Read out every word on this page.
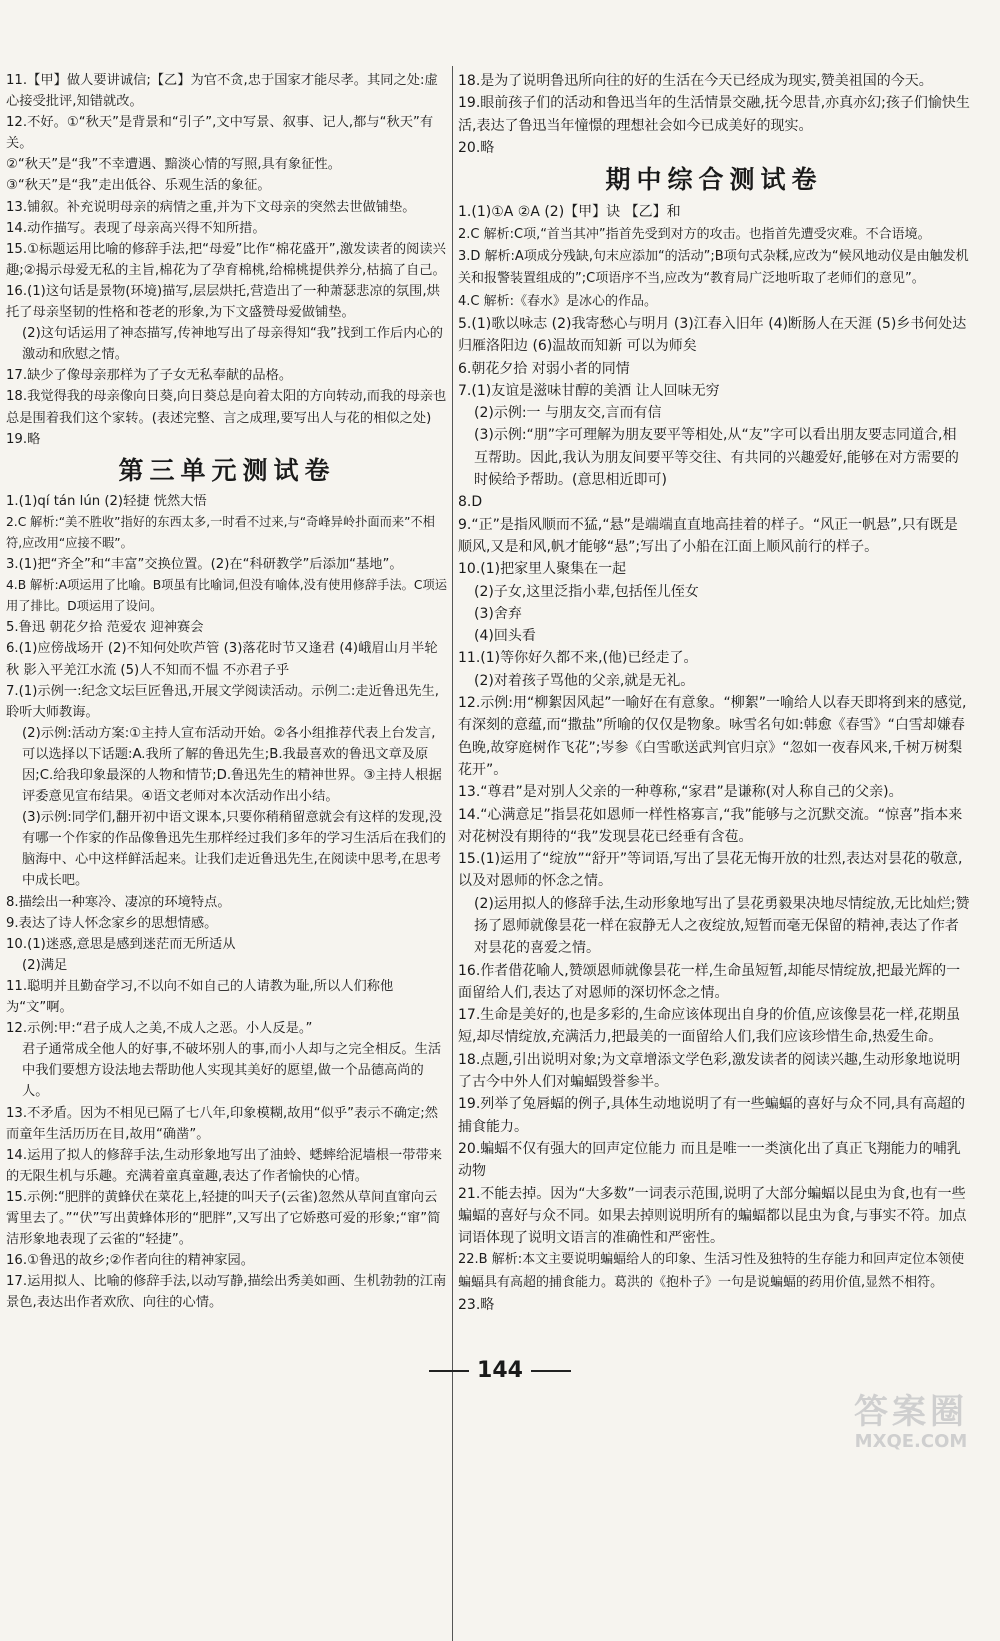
11.【甲】做人要讲诚信;【乙】为官不贪,忠于国家才能尽孝。其同之处:虚心接受批评,知错就改。

12.不好。①“秋天”是背景和“引子”,文中写景、叙事、记人,都与“秋天”有关。

②“秋天”是“我”不幸遭遇、黯淡心情的写照,具有象征性。

③“秋天”是“我”走出低谷、乐观生活的象征。

13.铺叙。补充说明母亲的病情之重,并为下文母亲的突然去世做铺垫。

14.动作描写。表现了母亲高兴得不知所措。

15.①标题运用比喻的修辞手法,把“母爱”比作“棉花盛开”,激发读者的阅读兴趣;②揭示母爱无私的主旨,棉花为了孕育棉桃,给棉桃提供养分,枯搞了自己。

16.(1)这句话是景物(环境)描写,层层烘托,营造出了一种萧瑟悲凉的氛围,烘托了母亲坚韧的性格和苍老的形象,为下文盛赞母爱做铺垫。

(2)这句话运用了神态描写,传神地写出了母亲得知“我”找到工作后内心的激动和欣慰之情。

17.缺少了像母亲那样为了子女无私奉献的品格。

18.我觉得我的母亲像向日葵,向日葵总是向着太阳的方向转动,而我的母亲也总是围着我们这个家转。(表述完整、言之成理,要写出人与花的相似之处)

19.略

第三单元测试卷

1.(1)qí tán lún (2)轻捷 恍然大悟

2.C 解析:“美不胜收”指好的东西太多,一时看不过来,与“奇峰异岭扑面而来”不相符,应改用“应接不暇”。

3.(1)把“齐全”和“丰富”交换位置。(2)在“科研教学”后添加“基地”。

4.B 解析:A项运用了比喻。B项虽有比喻词,但没有喻体,没有使用修辞手法。C项运用了排比。D项运用了设问。

5.鲁迅 朝花夕拾 范爱农 迎神赛会

6.(1)应傍战场开 (2)不知何处吹芦管 (3)落花时节又逢君 (4)峨眉山月半轮秋 影入平羌江水流 (5)人不知而不愠 不亦君子乎

7.(1)示例一:纪念文坛巨匠鲁迅,开展文学阅读活动。示例二:走近鲁迅先生,聆听大师教诲。

(2)示例:活动方案:①主持人宣布活动开始。②各小组推荐代表上台发言,可以选择以下话题:A.我所了解的鲁迅先生;B.我最喜欢的鲁迅文章及原因;C.给我印象最深的人物和情节;D.鲁迅先生的精神世界。③主持人根据评委意见宣布结果。④语文老师对本次活动作出小结。

(3)示例:同学们,翻开初中语文课本,只要你稍稍留意就会有这样的发现,没有哪一个作家的作品像鲁迅先生那样经过我们多年的学习生活后在我们的脑海中、心中这样鲜活起来。让我们走近鲁迅先生,在阅读中思考,在思考中成长吧。

8.描绘出一种寒冷、凄凉的环境特点。

9.表达了诗人怀念家乡的思想情感。

10.(1)迷惑,意思是感到迷茫而无所适从

(2)满足

11.聪明并且勤奋学习,不以向不如自己的人请教为耻,所以人们称他为“文”啊。

12.示例:甲:“君子成人之美,不成人之恶。小人反是。”

君子通常成全他人的好事,不破坏别人的事,而小人却与之完全相反。生活中我们要想方设法地去帮助他人实现其美好的愿望,做一个品德高尚的人。

13.不矛盾。因为不相见已隔了七八年,印象模糊,故用“似乎”表示不确定;然而童年生活历历在目,故用“确凿”。

14.运用了拟人的修辞手法,生动形象地写出了油蛉、蟋蟀给泥墙根一带带来的无限生机与乐趣。充满着童真童趣,表达了作者愉快的心情。

15.示例:“肥胖的黄蜂伏在菜花上,轻捷的叫天子(云雀)忽然从草间直窜向云霄里去了。”“伏”写出黄蜂体形的“肥胖”,又写出了它娇憨可爱的形象;“窜”简洁形象地表现了云雀的“轻捷”。

16.①鲁迅的故乡;②作者向往的精神家园。

17.运用拟人、比喻的修辞手法,以动写静,描绘出秀美如画、生机勃勃的江南景色,表达出作者欢欣、向往的心情。

18.是为了说明鲁迅所向往的好的生活在今天已经成为现实,赞美祖国的今天。

19.眼前孩子们的活动和鲁迅当年的生活情景交融,抚今思昔,亦真亦幻;孩子们愉快生活,表达了鲁迅当年憧憬的理想社会如今已成美好的现实。

20.略

期中综合测试卷

1.(1)①A ②A (2)【甲】诀 【乙】和

2.C 解析:C项,“首当其冲”指首先受到对方的攻击。也指首先遭受灾难。不合语境。

3.D 解析:A项成分残缺,句末应添加“的活动”;B项句式杂糅,应改为“候风地动仪是由触发机关和报警装置组成的”;C项语序不当,应改为“教育局广泛地听取了老师们的意见”。

4.C 解析:《春水》是冰心的作品。

5.(1)歌以咏志 (2)我寄愁心与明月 (3)江春入旧年 (4)断肠人在天涯 (5)乡书何处达 归雁洛阳边 (6)温故而知新 可以为师矣

6.朝花夕拾 对弱小者的同情

7.(1)友谊是滋味甘醇的美酒 让人回味无穷

(2)示例:一 与朋友交,言而有信

(3)示例:“朋”字可理解为朋友要平等相处,从“友”字可以看出朋友要志同道合,相互帮助。因此,我认为朋友间要平等交往、有共同的兴趣爱好,能够在对方需要的时候给予帮助。(意思相近即可)

8.D

9.“正”是指风顺而不猛,“悬”是端端直直地高挂着的样子。“风正一帆悬”,只有既是顺风,又是和风,帆才能够“悬”;写出了小船在江面上顺风前行的样子。

10.(1)把家里人聚集在一起

(2)子女,这里泛指小辈,包括侄儿侄女

(3)舍弃

(4)回头看

11.(1)等你好久都不来,(他)已经走了。

(2)对着孩子骂他的父亲,就是无礼。

12.示例:用“柳絮因风起”一喻好在有意象。“柳絮”一喻给人以春天即将到来的感觉,有深刻的意蕴,而“撒盐”所喻的仅仅是物象。咏雪名句如:韩愈《春雪》“白雪却嫌春色晚,故穿庭树作飞花”;岑参《白雪歌送武判官归京》“忽如一夜春风来,千树万树梨花开”。

13.“尊君”是对别人父亲的一种尊称,“家君”是谦称(对人称自己的父亲)。

14.“心满意足”指昙花如恩师一样性格寡言,“我”能够与之沉默交流。“惊喜”指本来对花树没有期待的“我”发现昙花已经垂有含苞。

15.(1)运用了“绽放”“舒开”等词语,写出了昙花无悔开放的壮烈,表达对昙花的敬意,以及对恩师的怀念之情。

(2)运用拟人的修辞手法,生动形象地写出了昙花勇毅果决地尽情绽放,无比灿烂;赞扬了恩师就像昙花一样在寂静无人之夜绽放,短暂而毫无保留的精神,表达了作者对昙花的喜爱之情。

16.作者借花喻人,赞颂恩师就像昙花一样,生命虽短暂,却能尽情绽放,把最光辉的一面留给人们,表达了对恩师的深切怀念之情。

17.生命是美好的,也是多彩的,生命应该体现出自身的价值,应该像昙花一样,花期虽短,却尽情绽放,充满活力,把最美的一面留给人们,我们应该珍惜生命,热爱生命。

18.点题,引出说明对象;为文章增添文学色彩,激发读者的阅读兴趣,生动形象地说明了古今中外人们对蝙蝠毁誉参半。

19.列举了兔唇蝠的例子,具体生动地说明了有一些蝙蝠的喜好与众不同,具有高超的捕食能力。

20.蝙蝠不仅有强大的回声定位能力 而且是唯一一类演化出了真正飞翔能力的哺乳动物

21.不能去掉。因为“大多数”一词表示范围,说明了大部分蝙蝠以昆虫为食,也有一些蝙蝠的喜好与众不同。如果去掉则说明所有的蝙蝠都以昆虫为食,与事实不符。加点词语体现了说明文语言的准确性和严密性。

22.B 解析:本文主要说明蝙蝠给人的印象、生活习性及独特的生存能力和回声定位本领使蝙蝠具有高超的捕食能力。葛洪的《抱朴子》一句是说蝙蝠的药用价值,显然不相符。

23.略

144
答案圈
MXQE.COM
